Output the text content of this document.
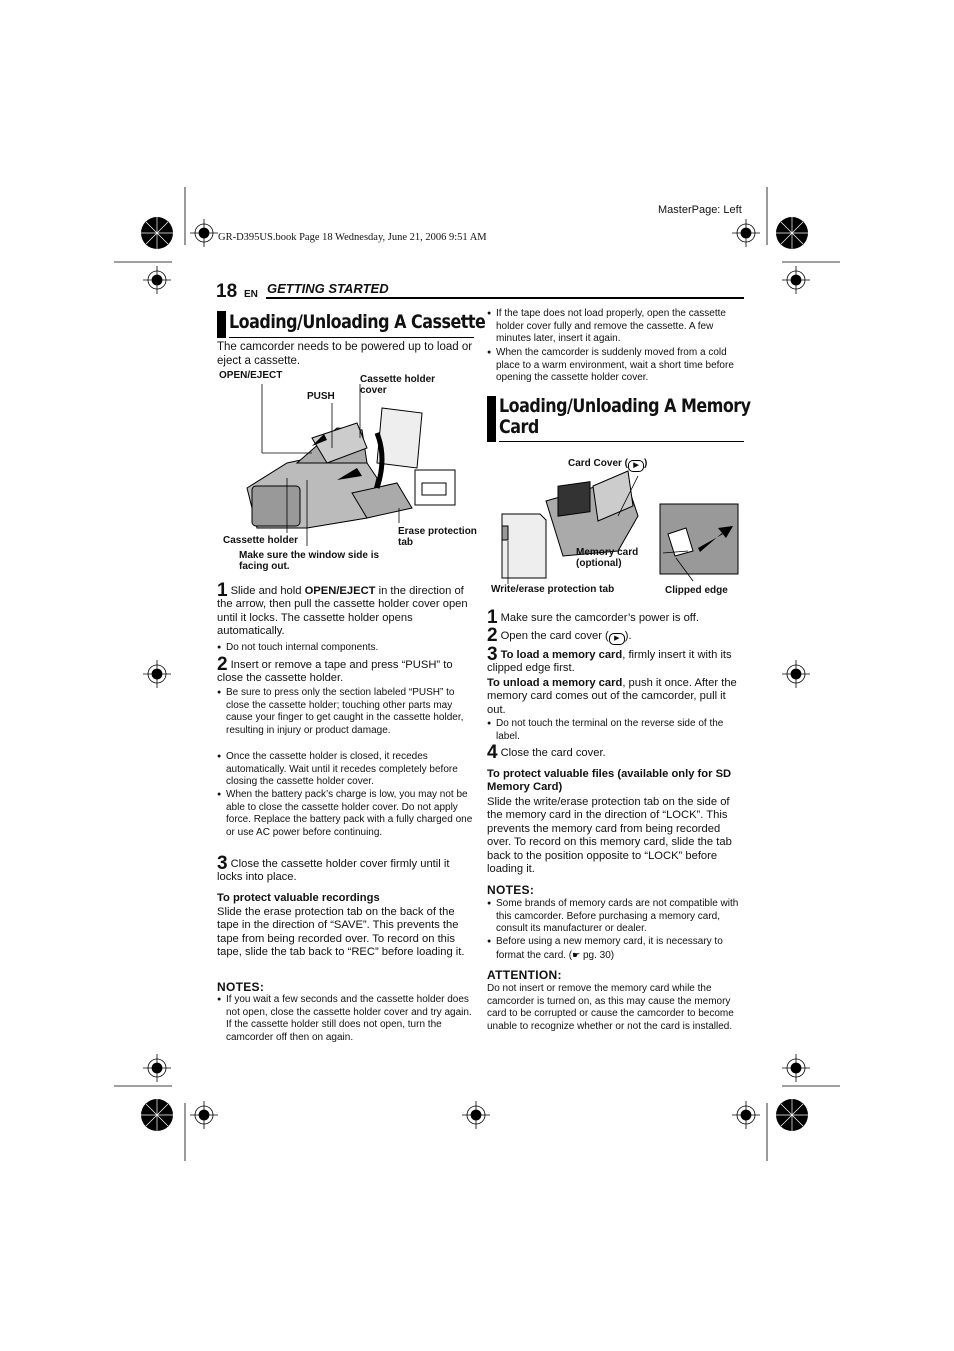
MasterPage: Left
GR-D395US.book Page 18 Wednesday, June 21, 2006 9:51 AM
18 EN GETTING STARTED
Loading/Unloading A Cassette
The camcorder needs to be powered up to load or eject a cassette.
OPEN/EJECT
PUSH
Cassette holder cover
Cassette holder
Make sure the window side is facing out.
Erase protection tab
1 Slide and hold OPEN/EJECT in the direction of the arrow, then pull the cassette holder cover open until it locks. The cassette holder opens automatically.
● Do not touch internal components.
2 Insert or remove a tape and press “PUSH” to close the cassette holder.
● Be sure to press only the section labeled “PUSH” to close the cassette holder; touching other parts may cause your finger to get caught in the cassette holder, resulting in injury or product damage.
● Once the cassette holder is closed, it recedes automatically. Wait until it recedes completely before closing the cassette holder cover.
● When the battery pack’s charge is low, you may not be able to close the cassette holder cover. Do not apply force. Replace the battery pack with a fully charged one or use AC power before continuing.
3 Close the cassette holder cover firmly until it locks into place.
To protect valuable recordings
Slide the erase protection tab on the back of the tape in the direction of “SAVE”. This prevents the tape from being recorded over. To record on this tape, slide the tab back to “REC” before loading it.
NOTES:
● If you wait a few seconds and the cassette holder does not open, close the cassette holder cover and try again. If the cassette holder still does not open, turn the camcorder off then on again.
● If the tape does not load properly, open the cassette holder cover fully and remove the cassette. A few minutes later, insert it again.
● When the camcorder is suddenly moved from a cold place to a warm environment, wait a short time before opening the cassette holder cover.
Loading/Unloading A Memory
Card
Card Cover ( ▶ )
Memory card (optional)
Write/erase protection tab	Clipped edge
1 Make sure the camcorder’s power is off.
2 Open the card cover ( ▶ ).
3 To load a memory card, firmly insert it with its clipped edge first.
To unload a memory card, push it once. After the memory card comes out of the camcorder, pull it out.
● Do not touch the terminal on the reverse side of the label.
4 Close the card cover.
To protect valuable files (available only for SD Memory Card)
Slide the write/erase protection tab on the side of the memory card in the direction of “LOCK”. This prevents the memory card from being recorded over. To record on this memory card, slide the tab back to the position opposite to “LOCK” before loading it.
NOTES:
● Some brands of memory cards are not compatible with this camcorder. Before purchasing a memory card, consult its manufacturer or dealer.
● Before using a new memory card, it is necessary to format the card. (☛ pg. 30)
ATTENTION:
Do not insert or remove the memory card while the camcorder is turned on, as this may cause the memory card to be corrupted or cause the camcorder to become unable to recognize whether or not the card is installed.
